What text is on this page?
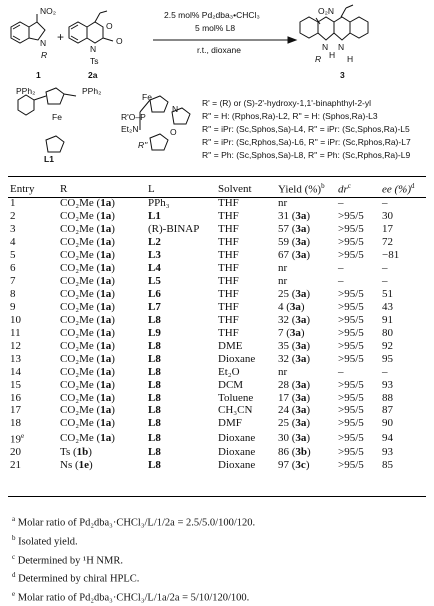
NO₂
N
R
1
+
O
O
N
Ts
2a
2.5 mol% Pd₂dba₃•CHCl₃
5 mol% L8
r.t., dioxane
O₂N
N N
R H H
3
PPh₂	PPh₂
Fe
L1
Fe
R'O–P
Et₂N
N
O
R''
R' = (R) or (S)-2'-hydroxy-1,1'-binaphthyl-2-yl
R'' = H: (Rphos,Ra)-L2, R'' = H: (Sphos,Ra)-L3
R'' = iPr: (Sc,Sphos,Sa)-L4, R'' = iPr: (Sc,Sphos,Ra)-L5
R'' = iPr: (Sc,Rphos,Sa)-L6, R'' = iPr: (Sc,Rphos,Ra)-L7
R'' = Ph: (Sc,Sphos,Sa)-L8, R'' = Ph: (Sc,Rphos,Ra)-L9
Entry	R	L	Solvent	Yield (%)$^b$	$dr^c$	ee (%)$^d$
1	CO₂Me (1a)	PPh₃	THF	nr	–	–
2	CO₂Me (1a)	L1	THF	31 (3a)	>95/5	30
3	CO₂Me (1a)	(R)-BINAP	THF	57 (3a)	>95/5	17
4	CO₂Me (1a)	L2	THF	59 (3a)	>95/5	72
5	CO₂Me (1a)	L3	THF	67 (3a)	>95/5	−81
6	CO₂Me (1a)	L4	THF	nr	–	–
7	CO₂Me (1a)	L5	THF	nr	–	–
8	CO₂Me (1a)	L6	THF	25 (3a)	>95/5	51
9	CO₂Me (1a)	L7	THF	4 (3a)	>95/5	43
10	CO₂Me (1a)	L8	THF	32 (3a)	>95/5	91
11	CO₂Me (1a)	L9	THF	7 (3a)	>95/5	80
12	CO₂Me (1a)	L8	DME	35 (3a)	>95/5	92
13	CO₂Me (1a)	L8	Dioxane	32 (3a)	>95/5	95
14	CO₂Me (1a)	L8	Et₂O	nr	–	–
15	CO₂Me (1a)	L8	DCM	28 (3a)	>95/5	93
16	CO₂Me (1a)	L8	Toluene	17 (3a)	>95/5	88
17	CO₂Me (1a)	L8	CH₃CN	24 (3a)	>95/5	87
18	CO₂Me (1a)	L8	DMF	25 (3a)	>95/5	90
19e	CO₂Me (1a)	L8	Dioxane	30 (3a)	>95/5	94
20	Ts (1b)	L8	Dioxane	86 (3b)	>95/5	93
21	Ns (1e)	L8	Dioxane	97 (3c)	>95/5	85
$^a$ Molar ratio of Pd₂dba₃·CHCl₃/L/1/2a = 2.5/5.0/100/120.
$^b$ Isolated yield.
$^c$ Determined by ¹H NMR.
$^d$ Determined by chiral HPLC.
$^e$ Molar ratio of Pd₂dba₃·CHCl₃/L/1a/2a = 5/10/120/100.
